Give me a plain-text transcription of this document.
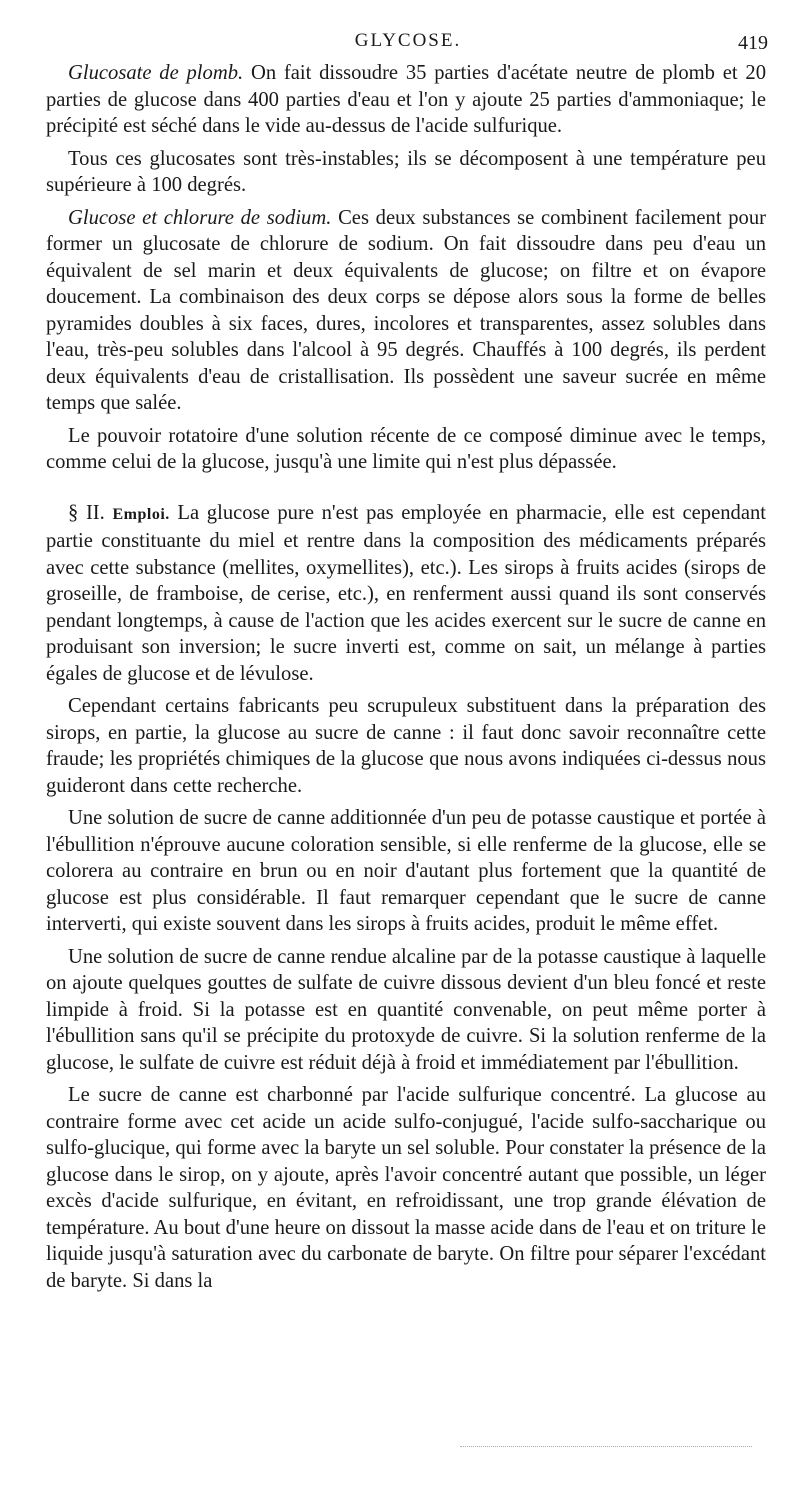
GLYCOSE.	419

Glucosate de plomb. On fait dissoudre 35 parties d'acétate neutre de plomb et 20 parties de glucose dans 400 parties d'eau et l'on y ajoute 25 parties d'ammoniaque; le précipité est séché dans le vide au-dessus de l'acide sulfurique.

Tous ces glucosates sont très-instables; ils se décomposent à une température peu supérieure à 100 degrés.

Glucose et chlorure de sodium. Ces deux substances se combinent facilement pour former un glucosate de chlorure de sodium. On fait dissoudre dans peu d'eau un équivalent de sel marin et deux équivalents de glucose; on filtre et on évapore doucement. La combinaison des deux corps se dépose alors sous la forme de belles pyramides doubles à six faces, dures, incolores et transparentes, assez solubles dans l'eau, très-peu solubles dans l'alcool à 95 degrés. Chauffés à 100 degrés, ils perdent deux équivalents d'eau de cristallisation. Ils possèdent une saveur sucrée en même temps que salée.

Le pouvoir rotatoire d'une solution récente de ce composé diminue avec le temps, comme celui de la glucose, jusqu'à une limite qui n'est plus dépassée.

§ II. Emploi. La glucose pure n'est pas employée en pharmacie, elle est cependant partie constituante du miel et rentre dans la composition des médicaments préparés avec cette substance (mellites, oxymellites), etc.). Les sirops à fruits acides (sirops de groseille, de framboise, de cerise, etc.), en renferment aussi quand ils sont conservés pendant longtemps, à cause de l'action que les acides exercent sur le sucre de canne en produisant son inversion; le sucre inverti est, comme on sait, un mélange à parties égales de glucose et de lévulose.

Cependant certains fabricants peu scrupuleux substituent dans la préparation des sirops, en partie, la glucose au sucre de canne : il faut donc savoir reconnaître cette fraude; les propriétés chimiques de la glucose que nous avons indiquées ci-dessus nous guideront dans cette recherche.

Une solution de sucre de canne additionnée d'un peu de potasse caustique et portée à l'ébullition n'éprouve aucune coloration sensible, si elle renferme de la glucose, elle se colorera au contraire en brun ou en noir d'autant plus fortement que la quantité de glucose est plus considérable. Il faut remarquer cependant que le sucre de canne interverti, qui existe souvent dans les sirops à fruits acides, produit le même effet.

Une solution de sucre de canne rendue alcaline par de la potasse caustique à laquelle on ajoute quelques gouttes de sulfate de cuivre dissous devient d'un bleu foncé et reste limpide à froid. Si la potasse est en quantité convenable, on peut même porter à l'ébullition sans qu'il se précipite du protoxyde de cuivre. Si la solution renferme de la glucose, le sulfate de cuivre est réduit déjà à froid et immédiatement par l'ébullition.

Le sucre de canne est charbonné par l'acide sulfurique concentré. La glucose au contraire forme avec cet acide un acide sulfo-conjugué, l'acide sulfo-saccharique ou sulfo-glucique, qui forme avec la baryte un sel soluble. Pour constater la présence de la glucose dans le sirop, on y ajoute, après l'avoir concentré autant que possible, un léger excès d'acide sulfurique, en évitant, en refroidissant, une trop grande élévation de température. Au bout d'une heure on dissout la masse acide dans de l'eau et on triture le liquide jusqu'à saturation avec du carbonate de baryte. On filtre pour séparer l'excédant de baryte. Si dans la
